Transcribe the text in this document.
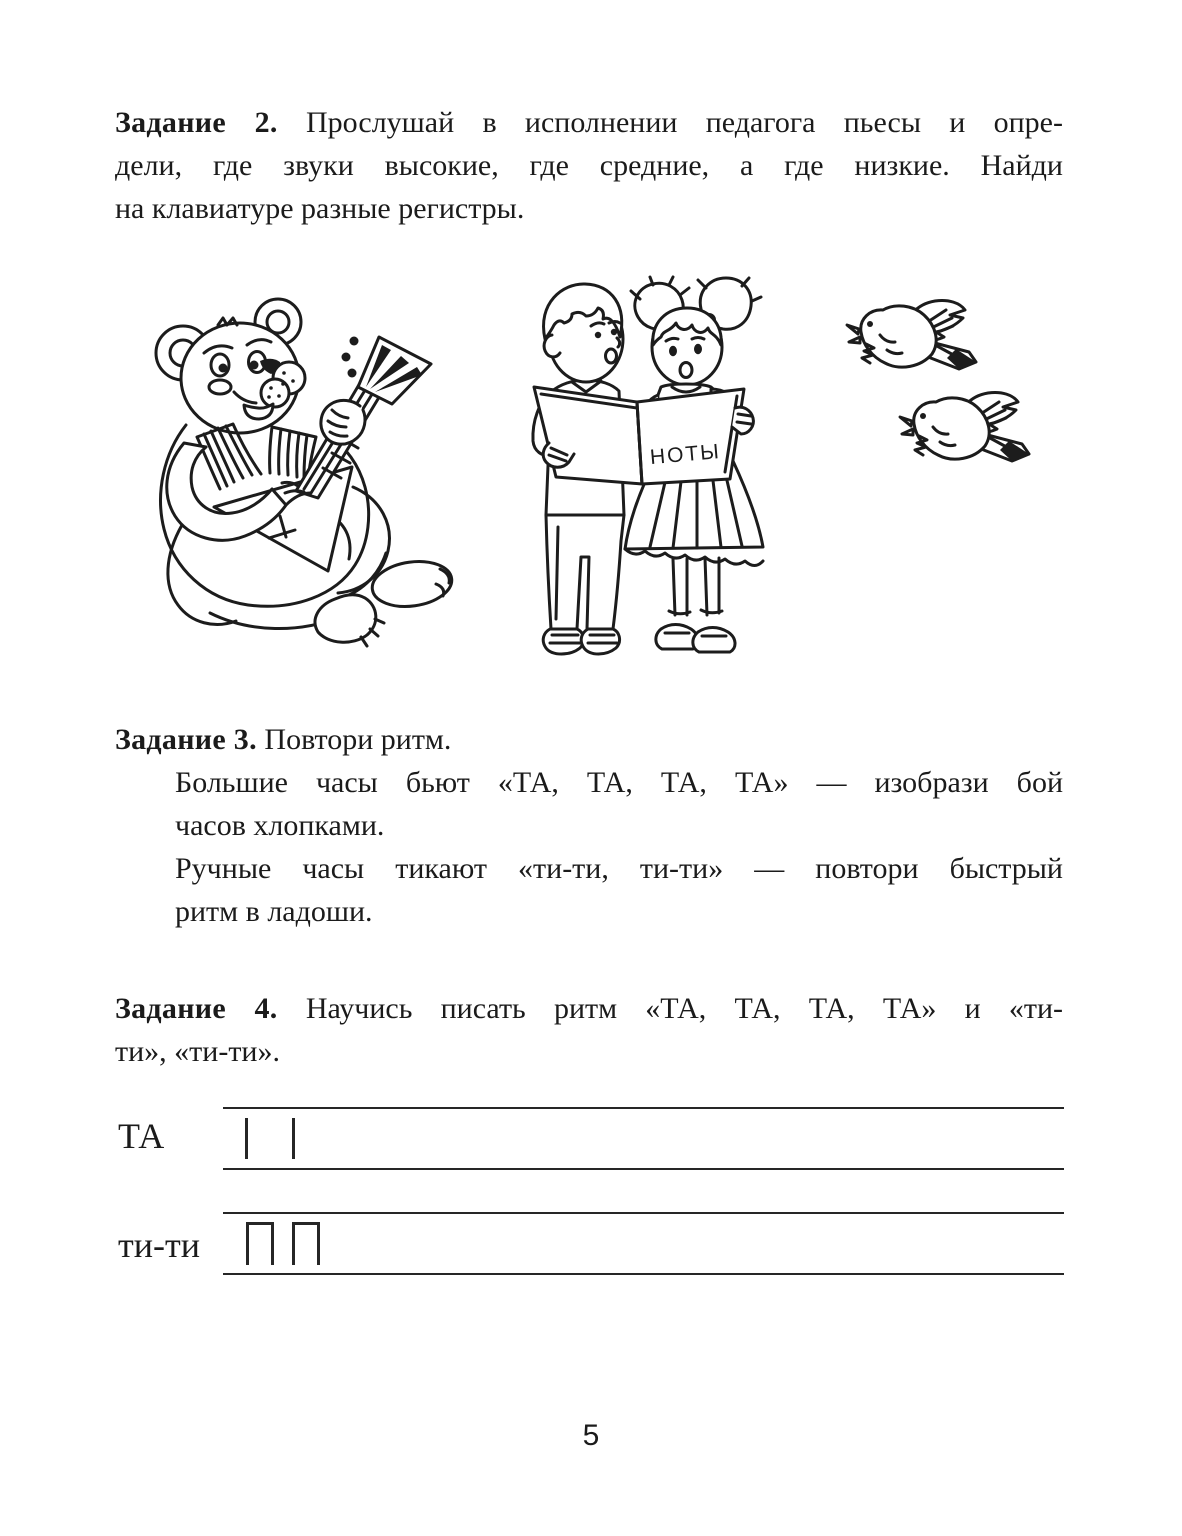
Задание 2. Прослушай в исполнении педагога пьесы и опре-
дели, где звуки высокие, где средние, а где низкие. Найди
на клавиатуре разные регистры.
НОТЫ
Задание 3. Повтори ритм.
Большие часы бьют «ТА, ТА, ТА, ТА» — изобрази бой
часов хлопками.
Ручные часы тикают «ти-ти, ти-ти» — повтори быстрый
ритм в ладоши.
Задание 4. Научись писать ритм «ТА, ТА, ТА, ТА» и «ти-
ти», «ти-ти».
ТА
ти-ти
5
